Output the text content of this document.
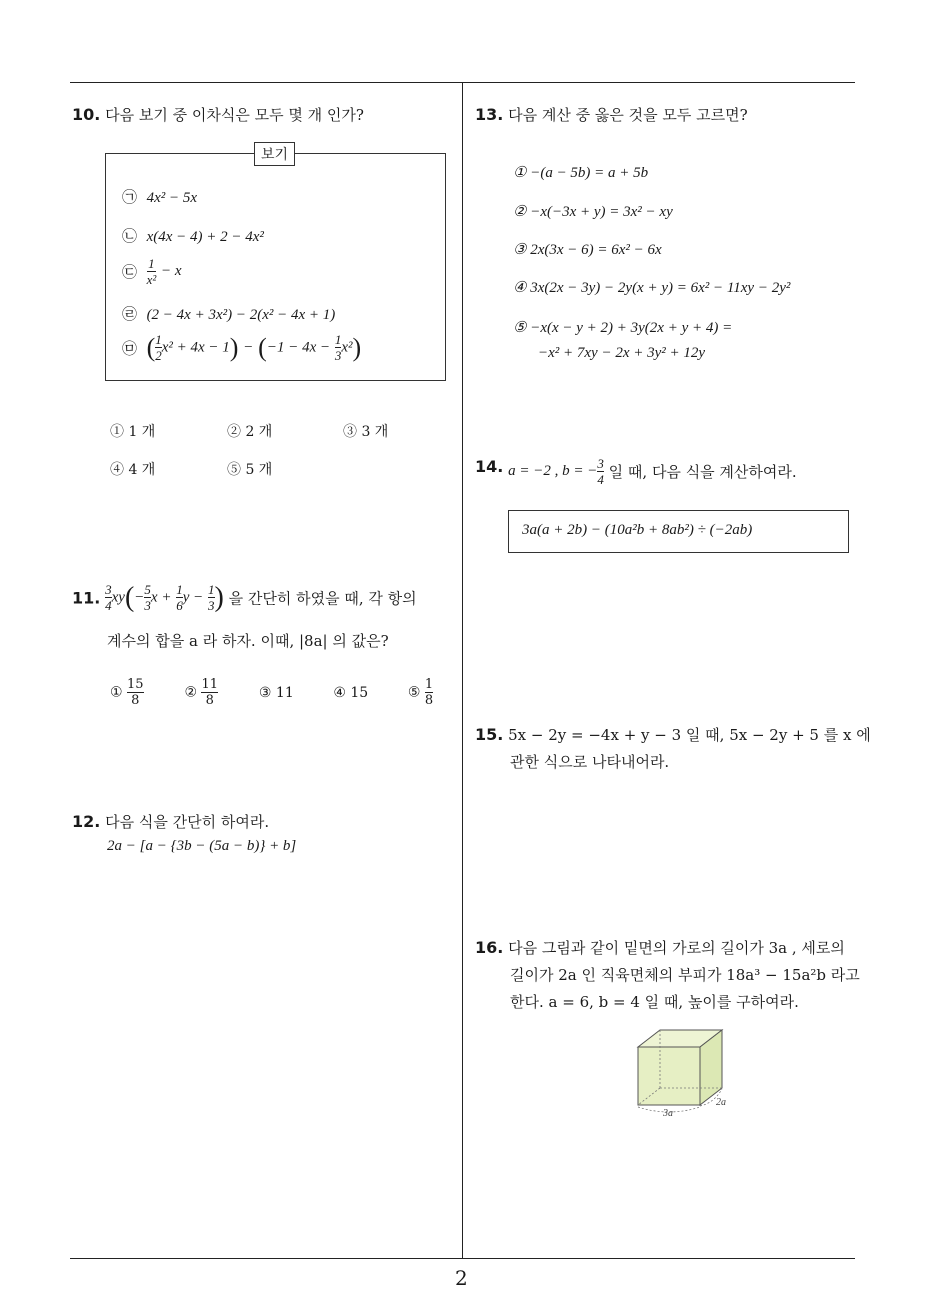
10. 다음 보기 중 이차식은 모두 몇 개 인가?
보기
㉠ 4x² − 5x
㉡ x(4x − 4) + 2 − 4x²
㉢ $\frac{1}{\text{x²}} - x$
㉣ (2 − 4x + 3x²) − 2(x² − 4x + 1)
㉤ ( $\frac{1}{2} x^2 + 4x - 1) - (-1 - 4x - \frac{1}{3} x^2)$
① 1 개	② 2 개	③ 3 개
④ 4 개	⑤ 5 개
11. $\frac{3}{4} xy(- \frac{5}{3}$ $x + \frac{1}{6}$ $y - \frac{1}{3}$ ) 을 간단히 하였을 때, 각 항의
계수의 합을 a 라 하자. 이때, |8a| 의 값은?
① $\frac{15}{8}$	② $\frac{11}{8}$	③ 11	④ 15	⑤ $\frac{1}{8}$
12. 다음 식을 간단히 하여라.
2a − [a − {3b − (5a − b)} + b]
13. 다음 계산 중 옳은 것을 모두 고르면?
① −(a − 5b) = a + 5b
② −x(−3x + y) = 3x² − xy
③ 2x(3x − 6) = 6x² − 6x
④ 3x(2x − 3y) − 2y(x + y) = 6x² − 11xy − 2y²
⑤ −x(x − y + 2) + 3y(2x + y + 4) =
−x² + 7xy − 2x + 3y² + 12y
14. a = −2 , b = − $\frac{3}{4}$ 일 때, 다음 식을 계산하여라.
3a(a + 2b) − (10a²b + 8ab²) ÷ (−2ab)
15. 5x − 2y = −4x + y − 3 일 때, 5x − 2y + 5 를 x 에
관한 식으로 나타내어라.
16. 다음 그림과 같이 밑면의 가로의 길이가 3a , 세로의
길이가 2a 인 직육면체의 부피가 18a³ − 15a²b 라고
한다. a = 6, b = 4 일 때, 높이를 구하여라.
3a
2a
2
